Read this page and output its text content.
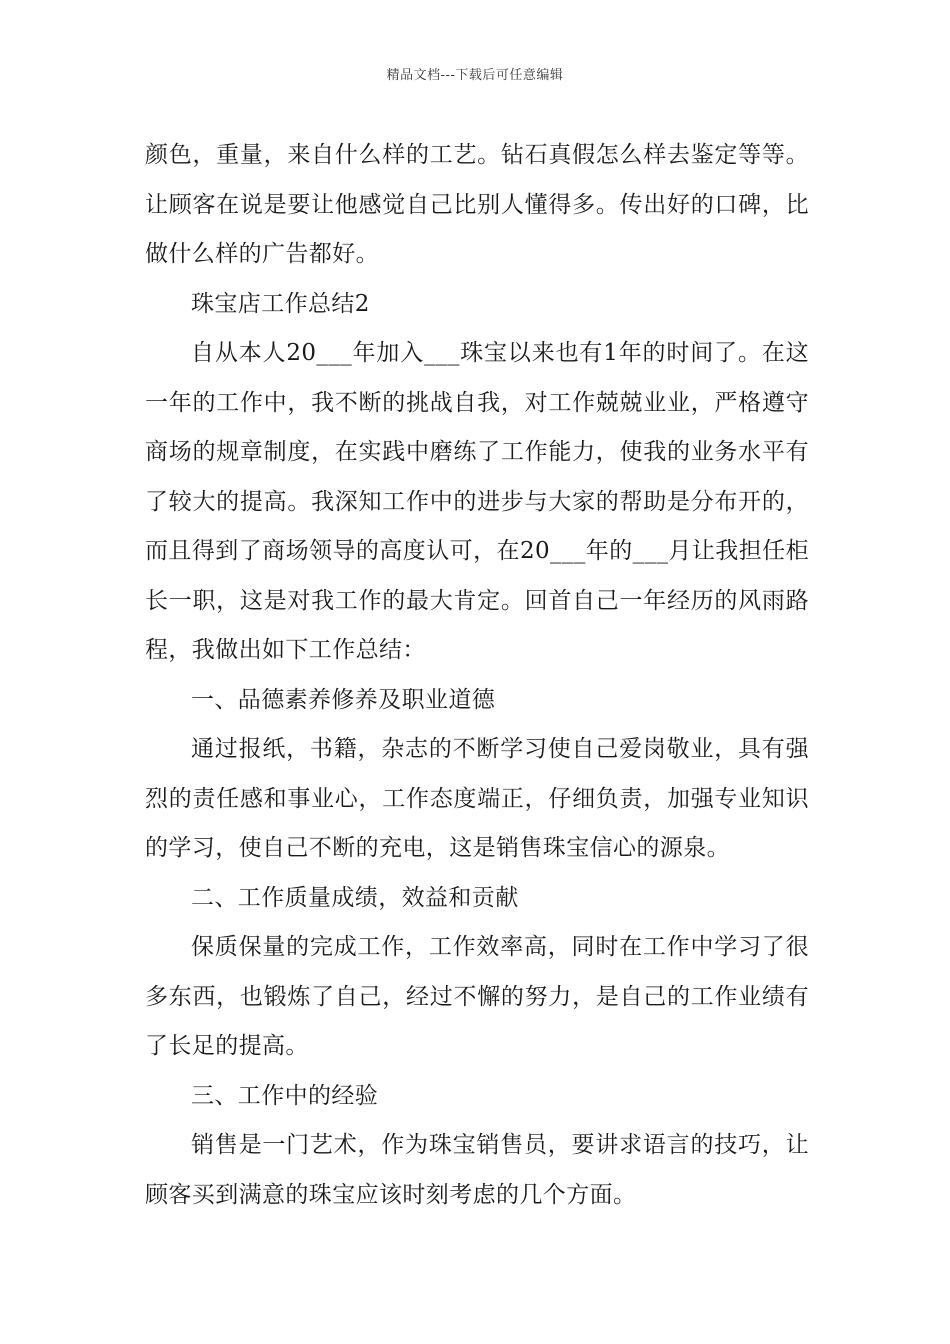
精品文档---下载后可任意编辑

颜色，重量，来自什么样的工艺。钻石真假怎么样去鉴定等等。让顾客在说是要让他感觉自己比别人懂得多。传出好的口碑，比做什么样的广告都好。

珠宝店工作总结2

自从本人20___年加入___珠宝以来也有1年的时间了。在这一年的工作中，我不断的挑战自我，对工作兢兢业业，严格遵守商场的规章制度，在实践中磨练了工作能力，使我的业务水平有了较大的提高。我深知工作中的进步与大家的帮助是分布开的，而且得到了商场领导的高度认可，在20___年的___月让我担任柜长一职，这是对我工作的最大肯定。回首自己一年经历的风雨路程，我做出如下工作总结：

一、品德素养修养及职业道德

通过报纸，书籍，杂志的不断学习使自己爱岗敬业，具有强烈的责任感和事业心，工作态度端正，仔细负责，加强专业知识的学习，使自己不断的充电，这是销售珠宝信心的源泉。

二、工作质量成绩，效益和贡献

保质保量的完成工作，工作效率高，同时在工作中学习了很多东西，也锻炼了自己，经过不懈的努力，是自己的工作业绩有了长足的提高。

三、工作中的经验

销售是一门艺术，作为珠宝销售员，要讲求语言的技巧，让顾客买到满意的珠宝应该时刻考虑的几个方面。
